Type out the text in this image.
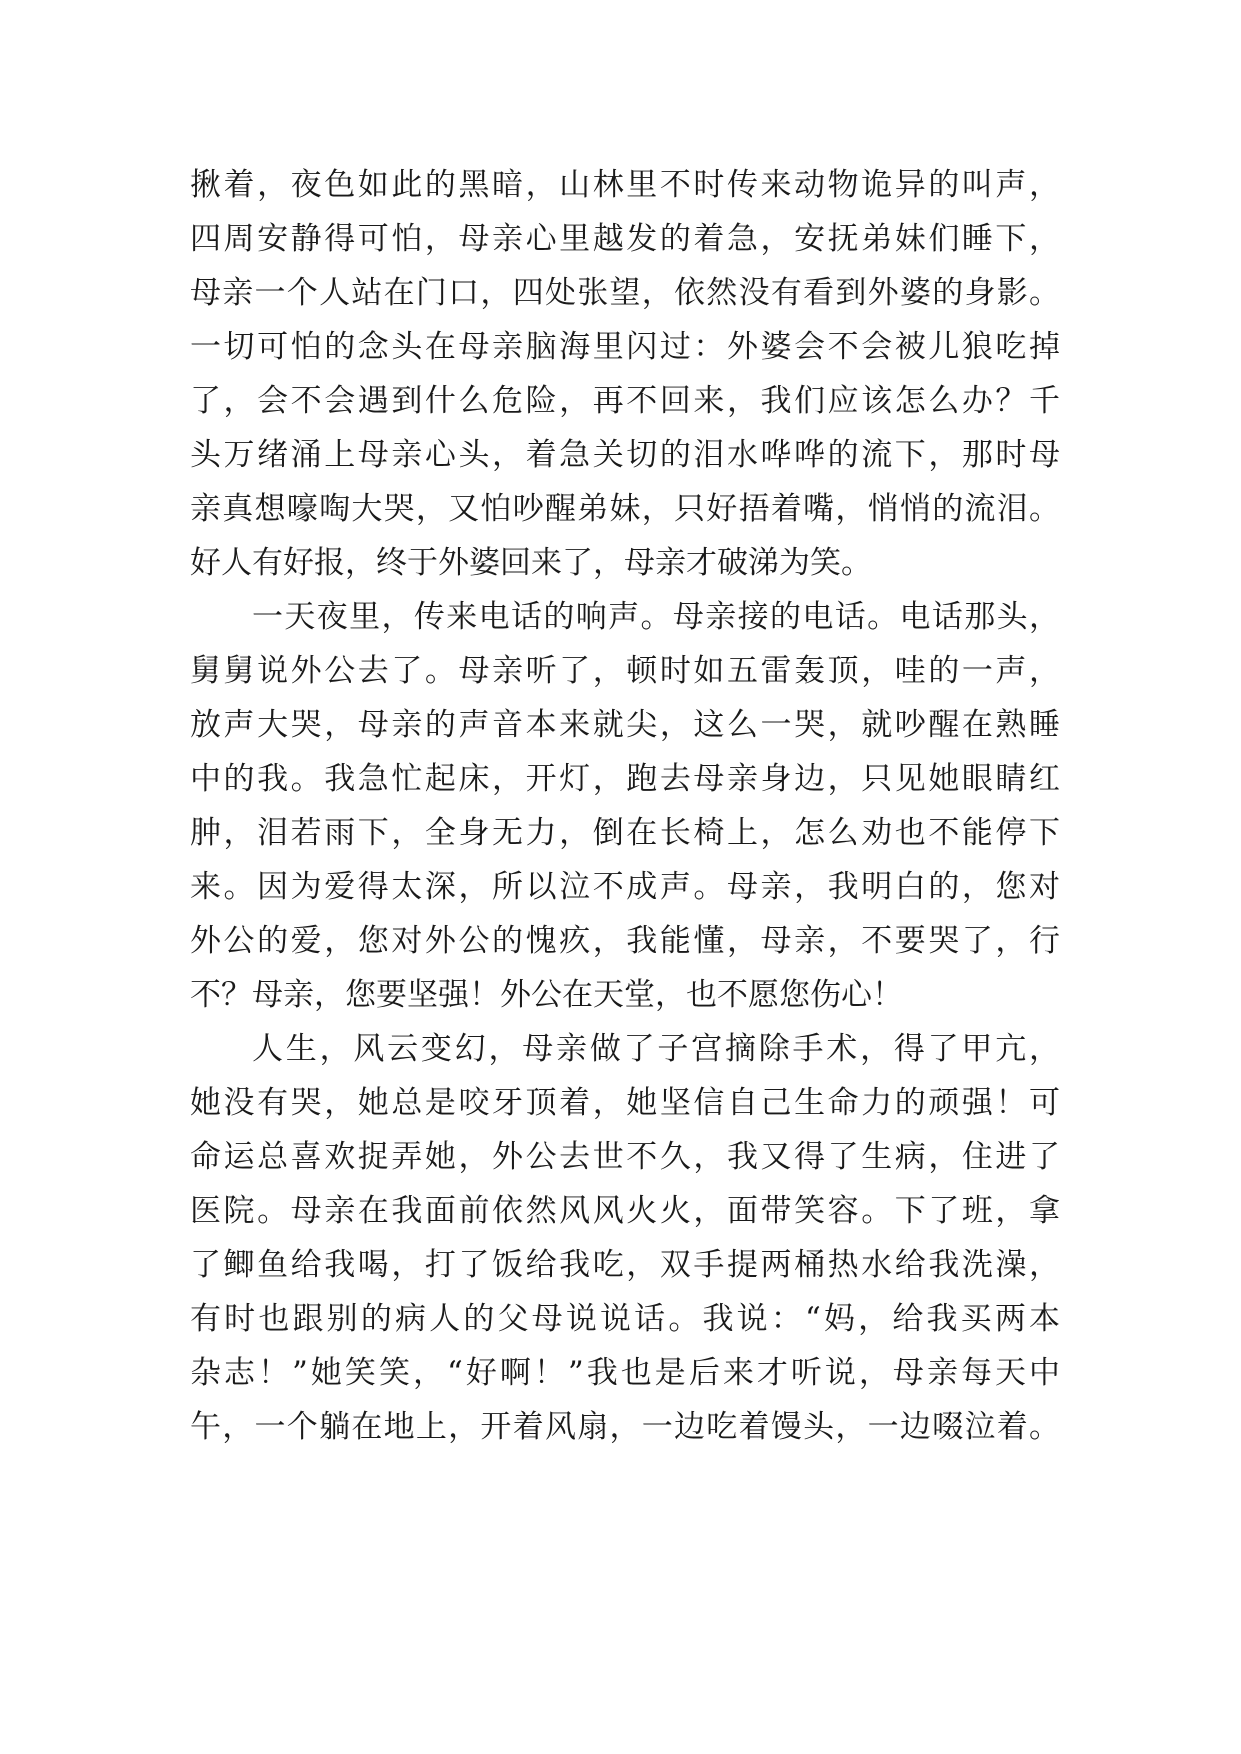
揪着，夜色如此的黑暗，山林里不时传来动物诡异的叫声，
四周安静得可怕，母亲心里越发的着急，安抚弟妹们睡下，
母亲一个人站在门口，四处张望，依然没有看到外婆的身影。
一切可怕的念头在母亲脑海里闪过：外婆会不会被儿狼吃掉
了，会不会遇到什么危险，再不回来，我们应该怎么办？千
头万绪涌上母亲心头，着急关切的泪水哗哗的流下，那时母
亲真想嚎啕大哭，又怕吵醒弟妹，只好捂着嘴，悄悄的流泪。
好人有好报，终于外婆回来了，母亲才破涕为笑。
一天夜里，传来电话的响声。母亲接的电话。电话那头，
舅舅说外公去了。母亲听了，顿时如五雷轰顶，哇的一声，
放声大哭，母亲的声音本来就尖，这么一哭，就吵醒在熟睡
中的我。我急忙起床，开灯，跑去母亲身边，只见她眼睛红
肿，泪若雨下，全身无力，倒在长椅上，怎么劝也不能停下
来。因为爱得太深，所以泣不成声。母亲，我明白的，您对
外公的爱，您对外公的愧疚，我能懂，母亲，不要哭了，行
不？母亲，您要坚强！外公在天堂，也不愿您伤心！
人生，风云变幻，母亲做了子宫摘除手术，得了甲亢，
她没有哭，她总是咬牙顶着，她坚信自己生命力的顽强！可
命运总喜欢捉弄她，外公去世不久，我又得了生病，住进了
医院。母亲在我面前依然风风火火，面带笑容。下了班，拿
了鲫鱼给我喝，打了饭给我吃，双手提两桶热水给我洗澡，
有时也跟别的病人的父母说说话。我说：“妈，给我买两本
杂志！”她笑笑，“好啊！”我也是后来才听说，母亲每天中
午，一个躺在地上，开着风扇，一边吃着馒头，一边啜泣着。
